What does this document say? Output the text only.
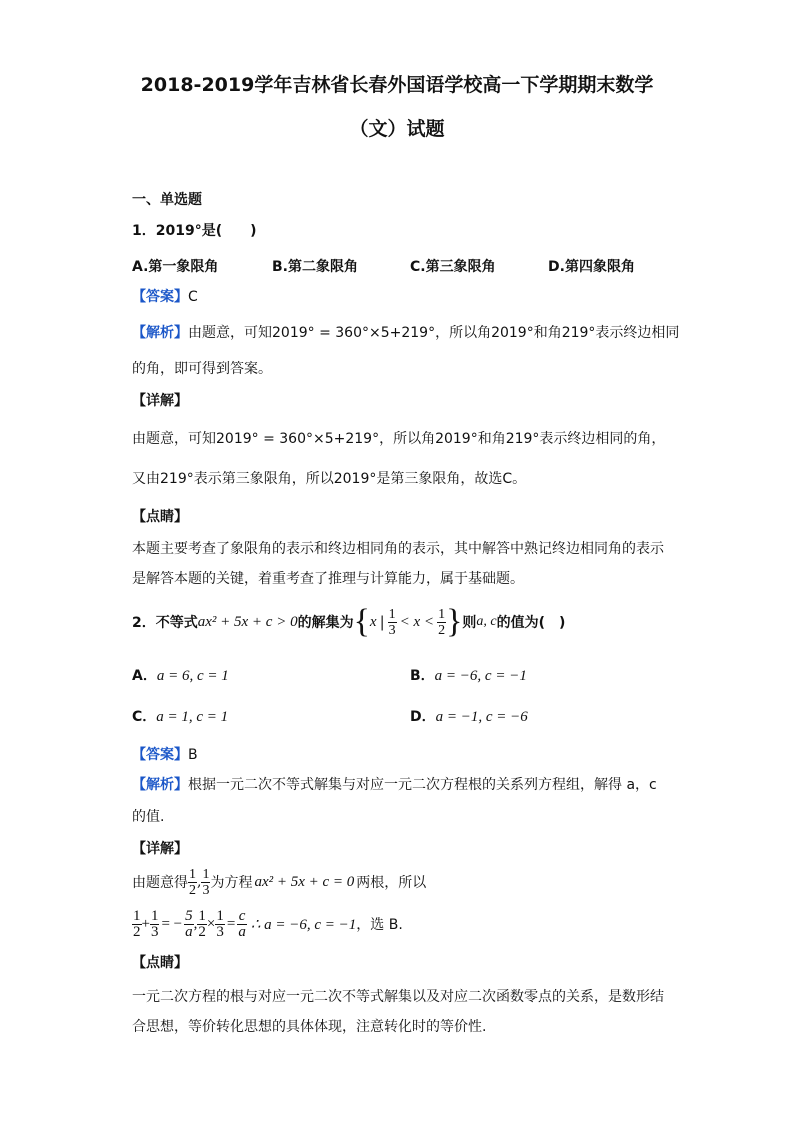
2018-2019学年吉林省长春外国语学校高一下学期期末数学
（文）试题
一、单选题
1．2019°是(　　)
A.第一象限角	B.第二象限角	C.第三象限角	D.第四象限角
【答案】C
【解析】由题意，可知2019° = 360°×5+219°，所以角2019°和角219°表示终边相同
的角，即可得到答案。
【详解】
由题意，可知2019° = 360°×5+219°，所以角2019°和角219°表示终边相同的角，
又由219°表示第三象限角，所以2019°是第三象限角，故选C。
【点睛】
本题主要考查了象限角的表示和终边相同角的表示，其中解答中熟记终边相同角的表示
是解答本题的关键，着重考查了推理与计算能力，属于基础题。
2． 不等式 ax² + 5x + c > 0 的解集为 { x | $\frac{1}{3} < x < \frac{1}{2}$ } 则 a, c 的值为(　)
A．a = 6, c = 1	B．a = −6, c = −1
C．a = 1, c = 1	D．a = −1, c = −6
【答案】B
【解析】根据一元二次不等式解集与对应一元二次方程根的关系列方程组，解得 a，c
的值.
【详解】
由题意得 $\frac{1}{2}$ , $\frac{1}{3}$ 为方程 ax² + 5x + c = 0 两根，所以
$\frac{1}{2} + \frac{1}{3}$ = − $\frac{5}{a}$ , $\frac{1}{2} \times \frac{1}{3} = \frac{c}{a}$ ∴ a = −6, c = −1 ，选 B.
【点睛】
一元二次方程的根与对应一元二次不等式解集以及对应二次函数零点的关系，是数形结
合思想，等价转化思想的具体体现，注意转化时的等价性.
